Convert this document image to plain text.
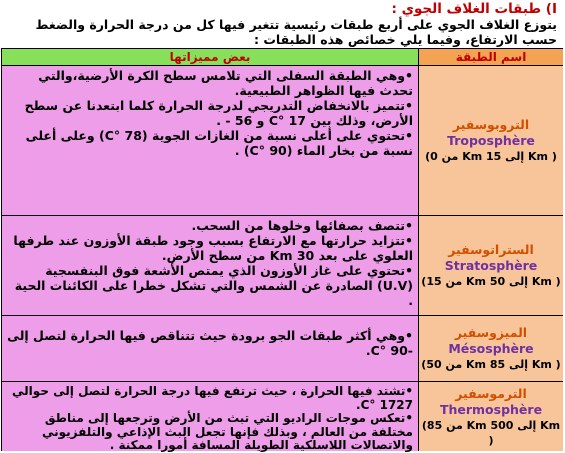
I) طبقات الغلاف الجوي :
يتوزع الغلاف الجوي على أربع طبقات رئيسية تتغير فيها كل من درجة الحرارة والضغط حسب الارتفاع، وفيما يلي خصائص هذه الطبقات :
بعض مميزاتها	اسم الطبقة

•وهي الطبقة السفلى التي تلامس سطح الكرة الأرضية،والتي تحدث فيها الظواهر الطبيعية.

•تتميز بالانخفاض التدريجي لدرجة الحرارة كلما ابتعدنا عن سطح الأرض، وذلك بين 17 °C و 56 - .

•تحتوي على أعلى نسبة من الغازات الجوية (78 °C) وعلى أعلى نسبة من بخار الماء (90 °C) .

التروبوسفير
Troposphère
(من 0 Km إلى 15 Km )

•تتصف بصفائها وخلوها من السحب.

•تتزايد حرارتها مع الارتفاع بسبب وجود طبقة الأوزون عند طرفها العلوي على بعد 30 Km من سطح الأرض.

•تحتوي على غاز الأوزون الذي يمتص الأشعة فوق البنفسجية (U.V) الصادرة عن الشمس والتي تشكل خطرا على الكائنات الحية .

الستراتوسفير
Stratosphère
(من 15 Km إلى 50 Km )

•وهي أكثر طبقات الجو برودة حيث تتناقص فيها الحرارة لتصل إلى -90 °C.

الميزوسفير
Mésosphère
(من 50 Km إلى 85 Km )

•تشتد فيها الحرارة ، حيث ترتفع فيها درجة الحرارة لتصل إلى حوالي 1727 °C.

•تعكس موجات الراديو التي تبث من الأرض وترجعها إلى مناطق مختلفة من العالم ، وبذلك فإنها تجعل البث الإذاعي والتلفزيوني والاتصالات اللاسلكية الطويلة المسافة أمورا ممكنة .

الترموسفير
Thermosphère
(من 85 Km إلى 500 Km )
